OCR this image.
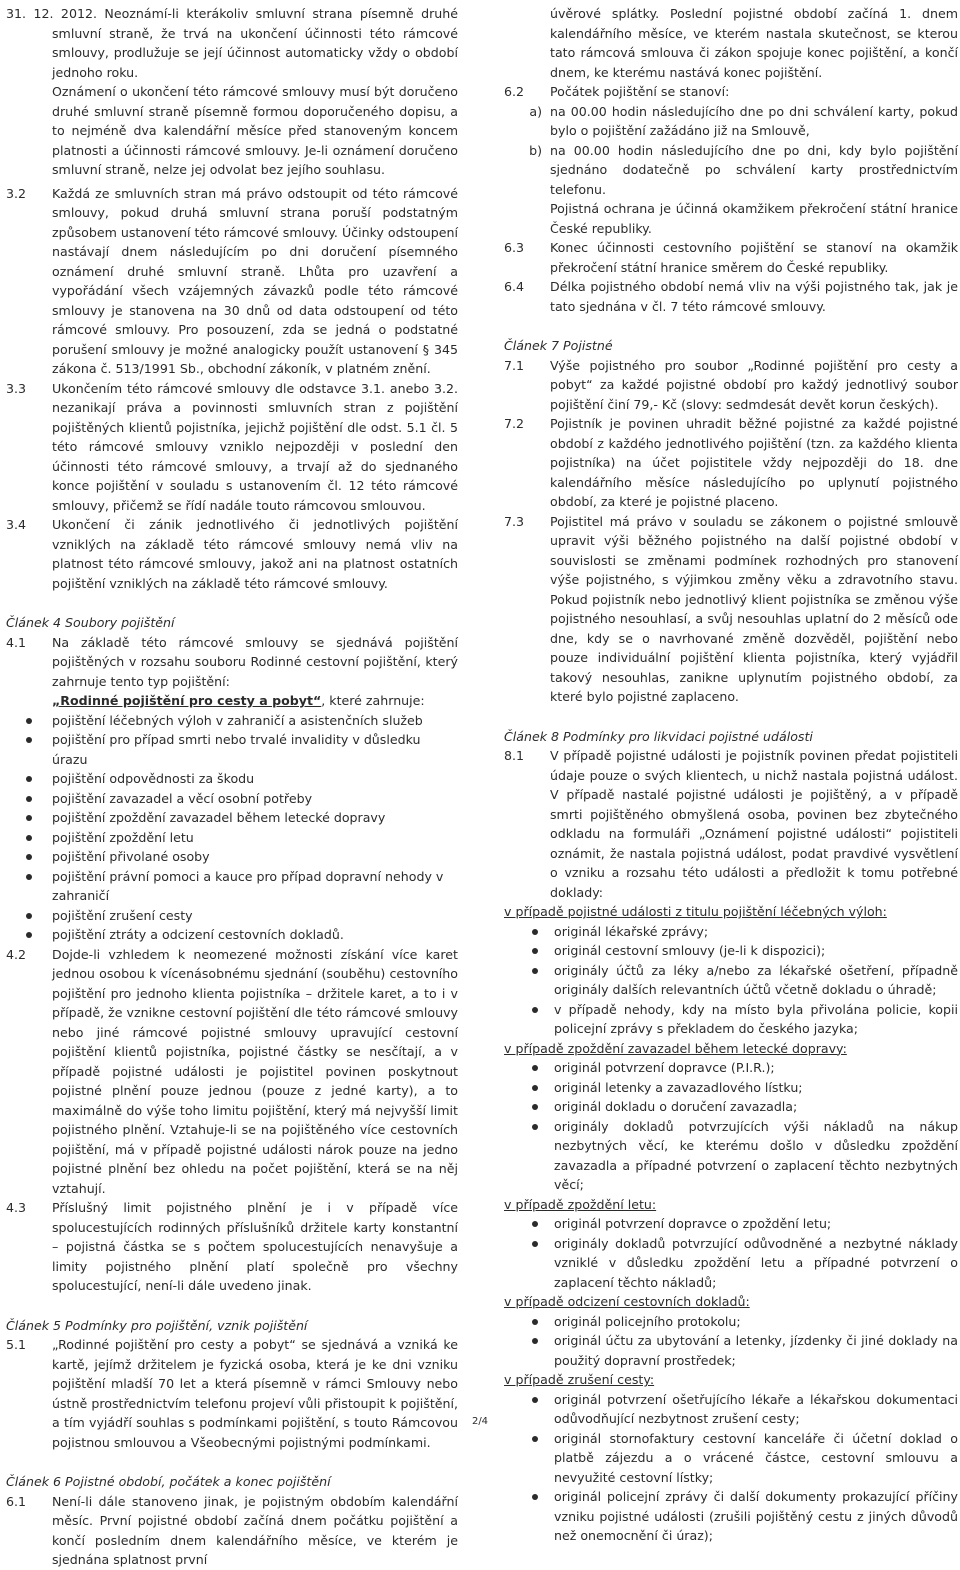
31. 12. 2012. Neoznámí-li kterákoliv smluvní strana písemně druhé smluvní straně, že trvá na ukončení účinnosti této rámcové smlouvy, prodlužuje se její účinnost automaticky vždy o období jednoho roku.
Oznámení o ukončení této rámcové smlouvy musí být doručeno druhé smluvní straně písemně formou doporučeného dopisu, a to nejméně dva kalendářní měsíce před stanoveným koncem platnosti a účinnosti rámcové smlouvy. Je-li oznámení doručeno smluvní straně, nelze jej odvolat bez jejího souhlasu.
3.2	Každá ze smluvních stran má právo odstoupit od této rámcové smlouvy, pokud druhá smluvní strana poruší podstatným způsobem ustanovení této rámcové smlouvy. Účinky odstoupení nastávají dnem následujícím po dni doručení písemného oznámení druhé smluvní straně. Lhůta pro uzavření a vypořádání všech vzájemných závazků podle této rámcové smlouvy je stanovena na 30 dnů od data odstoupení od této rámcové smlouvy. Pro posouzení, zda se jedná o podstatné porušení smlouvy je možné analogicky použít ustanovení § 345 zákona č. 513/1991 Sb., obchodní zákoník, v platném znění.
3.3	Ukončením této rámcové smlouvy dle odstavce 3.1. anebo 3.2. nezanikají práva a povinnosti smluvních stran z pojištění pojištěných klientů pojistníka, jejichž pojištění dle odst. 5.1 čl. 5 této rámcové smlouvy vzniklo nejpozději v poslední den účinnosti této rámcové smlouvy, a trvají až do sjednaného konce pojištění v souladu s ustanovením čl. 12 této rámcové smlouvy, přičemž se řídí nadále touto rámcovou smlouvou.
3.4	Ukončení či zánik jednotlivého či jednotlivých pojištění vzniklých na základě této rámcové smlouvy nemá vliv na platnost této rámcové smlouvy, jakož ani na platnost ostatních pojištění vzniklých na základě této rámcové smlouvy.

Článek 4 Soubory pojištění

4.1	Na základě této rámcové smlouvy se sjednává pojištění pojištěných v rozsahu souboru Rodinné cestovní pojištění, který zahrnuje tento typ pojištění:
„Rodinné pojištění pro cesty a pobyt“, které zahrnuje:
pojištění léčebných výloh v zahraničí a asistenčních služeb
pojištění pro případ smrti nebo trvalé invalidity v důsledku úrazu
pojištění odpovědnosti za škodu
pojištění zavazadel a věcí osobní potřeby
pojištění zpoždění zavazadel během letecké dopravy
pojištění zpoždění letu
pojištění přivolané osoby
pojištění právní pomoci a kauce pro případ dopravní nehody v zahraničí
pojištění zrušení cesty
pojištění ztráty a odcizení cestovních dokladů.
4.2	Dojde-li vzhledem k neomezené možnosti získání více karet jednou osobou k vícenásobnému sjednání (souběhu) cestovního pojištění pro jednoho klienta pojistníka – držitele karet, a to i v případě, že vznikne cestovní pojištění dle této rámcové smlouvy nebo jiné rámcové pojistné smlouvy upravující cestovní pojištění klientů pojistníka, pojistné částky se nesčítají, a v případě pojistné události je pojistitel povinen poskytnout pojistné plnění pouze jednou (pouze z jedné karty), a to maximálně do výše toho limitu pojištění, který má nejvyšší limit pojistného plnění. Vztahuje-li se na pojištěného více cestovních pojištění, má v případě pojistné události nárok pouze na jedno pojistné plnění bez ohledu na počet pojištění, která se na něj vztahují.
4.3	Příslušný limit pojistného plnění je i v případě více spolucestujících rodinných příslušníků držitele karty konstantní – pojistná částka se s počtem spolucestujících nenavyšuje a limity pojistného plnění platí společně pro všechny spolucestující, není-li dále uvedeno jinak.

Článek 5 Podmínky pro pojištění, vznik pojištění

5.1	„Rodinné pojištění pro cesty a pobyt“ se sjednává a vzniká ke kartě, jejímž držitelem je fyzická osoba, která je ke dni vzniku pojištění mladší 70 let a která písemně v rámci Smlouvy nebo ústně prostřednictvím telefonu projeví vůli přistoupit k pojištění, a tím vyjádří souhlas s podmínkami pojištění, s touto Rámcovou pojistnou smlouvou a Všeobecnými pojistnými podmínkami.

Článek 6 Pojistné období, počátek a konec pojištění

6.1	Není-li dále stanoveno jinak, je pojistným obdobím kalendářní měsíc. První pojistné období začíná dnem počátku pojištění a končí posledním dnem kalendářního měsíce, ve kterém je sjednána splatnost první
úvěrové splátky. Poslední pojistné období začíná 1. dnem kalendářního měsíce, ve kterém nastala skutečnost, se kterou tato rámcová smlouva či zákon spojuje konec pojištění, a končí dnem, ke kterému nastává konec pojištění.
6.2	Počátek pojištění se stanoví:
a) na 00.00 hodin následujícího dne po dni schválení karty, pokud bylo o pojištění zažádáno již na Smlouvě,
b) na 00.00 hodin následujícího dne po dni, kdy bylo pojištění sjednáno dodatečně po schválení karty prostřednictvím telefonu.
Pojistná ochrana je účinná okamžikem překročení státní hranice České republiky.
6.3	Konec účinnosti cestovního pojištění se stanoví na okamžik překročení státní hranice směrem do České republiky.
6.4	Délka pojistného období nemá vliv na výši pojistného tak, jak je tato sjednána v čl. 7 této rámcové smlouvy.

Článek 7 Pojistné

7.1	Výše pojistného pro soubor „Rodinné pojištění pro cesty a pobyt“ za každé pojistné období pro každý jednotlivý soubor pojištění činí 79,- Kč (slovy: sedmdesát devět korun českých).
7.2	Pojistník je povinen uhradit běžné pojistné za každé pojistné období z každého jednotlivého pojištění (tzn. za každého klienta pojistníka) na účet pojistitele vždy nejpozději do 18. dne kalendářního měsíce následujícího po uplynutí pojistného období, za které je pojistné placeno.
7.3	Pojistitel má právo v souladu se zákonem o pojistné smlouvě upravit výši běžného pojistného na další pojistné období v souvislosti se změnami podmínek rozhodných pro stanovení výše pojistného, s výjimkou změny věku a zdravotního stavu. Pokud pojistník nebo jednotlivý klient pojistníka se změnou výše pojistného nesouhlasí, a svůj nesouhlas uplatní do 2 měsíců ode dne, kdy se o navrhované změně dozvěděl, pojištění nebo pouze individuální pojištění klienta pojistníka, který vyjádřil takový nesouhlas, zanikne uplynutím pojistného období, za které bylo pojistné zaplaceno.

Článek 8 Podmínky pro likvidaci pojistné události

8.1	V případě pojistné události je pojistník povinen předat pojistiteli údaje pouze o svých klientech, u nichž nastala pojistná událost. V případě nastalé pojistné události je pojištěný, a v případě smrti pojištěného obmyšlená osoba, povinen bez zbytečného odkladu na formuláři „Oznámení pojistné události“ pojistiteli oznámit, že nastala pojistná událost, podat pravdivé vysvětlení o vzniku a rozsahu této události a předložit k tomu potřebné doklady:
v případě pojistné události z titulu pojištění léčebných výloh:
originál lékařské zprávy;
originál cestovní smlouvy (je-li k dispozici);
originály účtů za léky a/nebo za lékařské ošetření, případně originály dalších relevantních účtů včetně dokladu o úhradě;
v případě nehody, kdy na místo byla přivolána policie, kopii policejní zprávy s překladem do českého jazyka;
v případě zpoždění zavazadel během letecké dopravy:
originál potvrzení dopravce (P.I.R.);
originál letenky a zavazadlového lístku;
originál dokladu o doručení zavazadla;
originály dokladů potvrzujících výši nákladů na nákup nezbytných věcí, ke kterému došlo v důsledku zpoždění zavazadla a případné potvrzení o zaplacení těchto nezbytných věcí;
v případě zpoždění letu:
originál potvrzení dopravce o zpoždění letu;
originály dokladů potvrzující odůvodněné a nezbytné náklady vzniklé v důsledku zpoždění letu a případné potvrzení o zaplacení těchto nákladů;
v případě odcizení cestovních dokladů:
originál policejního protokolu;
originál účtu za ubytování a letenky, jízdenky či jiné doklady na použitý dopravní prostředek;
v případě zrušení cesty:
originál potvrzení ošetřujícího lékaře a lékařskou dokumentaci odůvodňující nezbytnost zrušení cesty;
originál stornofaktury cestovní kanceláře či účetní doklad o platbě zájezdu a o vrácené částce, cestovní smlouvu a nevyužité cestovní lístky;
originál policejní zprávy či další dokumenty prokazující příčiny vzniku pojistné události (zrušili pojištěný cestu z jiných důvodů než onemocnění či úraz);
2/4
